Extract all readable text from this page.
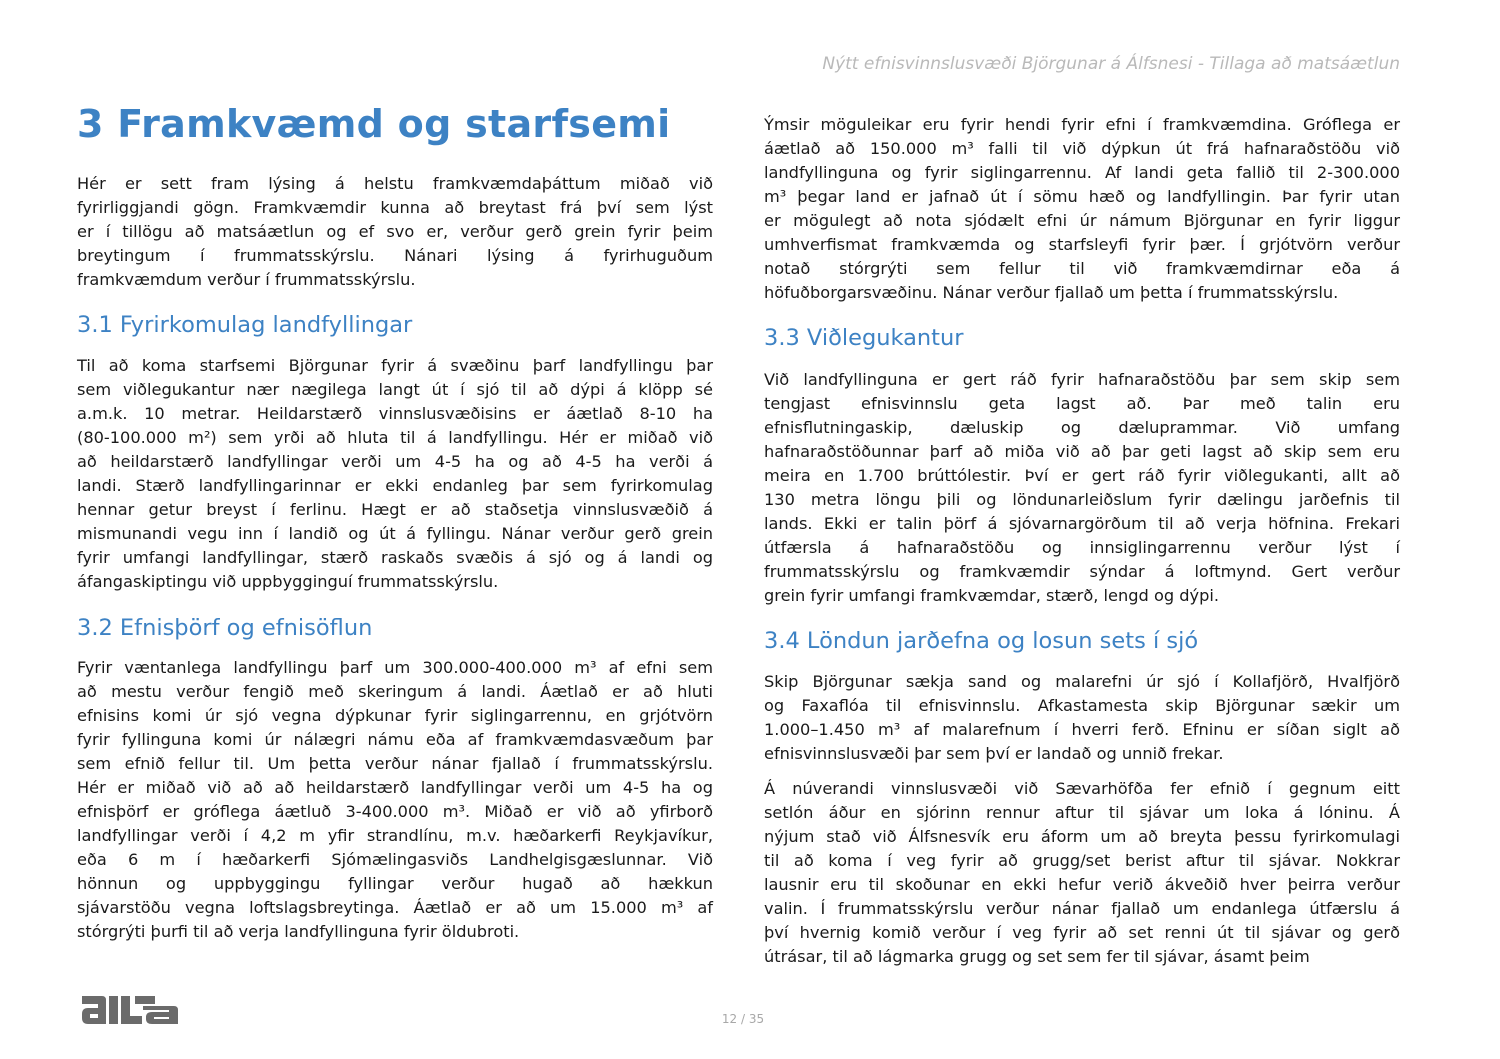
Nýtt efnisvinnslusvæði Björgunar á Álfsnesi - Tillaga að matsáætlun
3 Framkvæmd og starfsemi
Hér er sett fram lýsing á helstu framkvæmdaþáttum miðað við
fyrirliggjandi gögn. Framkvæmdir kunna að breytast frá því sem lýst
er í tillögu að matsáætlun og ef svo er, verður gerð grein fyrir þeim
breytingum í frummatsskýrslu. Nánari lýsing á fyrirhuguðum
framkvæmdum verður í frummatsskýrslu.
3.1 Fyrirkomulag landfyllingar
Til að koma starfsemi Björgunar fyrir á svæðinu þarf landfyllingu þar
sem viðlegukantur nær nægilega langt út í sjó til að dýpi á klöpp sé
a.m.k. 10 metrar. Heildarstærð vinnslusvæðisins er áætlað 8-10 ha
(80-100.000 m²) sem yrði að hluta til á landfyllingu. Hér er miðað við
að heildarstærð landfyllingar verði um 4-5 ha og að 4-5 ha verði á
landi. Stærð landfyllingarinnar er ekki endanleg þar sem fyrirkomulag
hennar getur breyst í ferlinu. Hægt er að staðsetja vinnslusvæðið á
mismunandi vegu inn í landið og út á fyllingu. Nánar verður gerð grein
fyrir umfangi landfyllingar, stærð raskaðs svæðis á sjó og á landi og
áfangaskiptingu við uppbygginguí frummatsskýrslu.
3.2 Efnisþörf og efnisöflun
Fyrir væntanlega landfyllingu þarf um 300.000-400.000 m³ af efni sem
að mestu verður fengið með skeringum á landi. Áætlað er að hluti
efnisins komi úr sjó vegna dýpkunar fyrir siglingarrennu, en grjótvörn
fyrir fyllinguna komi úr nálægri námu eða af framkvæmdasvæðum þar
sem efnið fellur til. Um þetta verður nánar fjallað í frummatsskýrslu.
Hér er miðað við að að heildarstærð landfyllingar verði um 4-5 ha og
efnisþörf er gróflega áætluð 3-400.000 m³. Miðað er við að yfirborð
landfyllingar verði í 4,2 m yfir strandlínu, m.v. hæðarkerfi Reykjavíkur,
eða 6 m í hæðarkerfi Sjómælingasviðs Landhelgisgæslunnar. Við
hönnun og uppbyggingu fyllingar verður hugað að hækkun
sjávarstöðu vegna loftslagsbreytinga. Áætlað er að um 15.000 m³ af
stórgrýti þurfi til að verja landfyllinguna fyrir öldubroti.
Ýmsir möguleikar eru fyrir hendi fyrir efni í framkvæmdina. Gróflega er
áætlað að 150.000 m³ falli til við dýpkun út frá hafnaraðstöðu við
landfyllinguna og fyrir siglingarrennu. Af landi geta fallið til 2-300.000
m³ þegar land er jafnað út í sömu hæð og landfyllingin. Þar fyrir utan
er mögulegt að nota sjódælt efni úr námum Björgunar en fyrir liggur
umhverfismat framkvæmda og starfsleyfi fyrir þær. Í grjótvörn verður
notað stórgrýti sem fellur til við framkvæmdirnar eða á
höfuðborgarsvæðinu. Nánar verður fjallað um þetta í frummatsskýrslu.
3.3 Viðlegukantur
Við landfyllinguna er gert ráð fyrir hafnaraðstöðu þar sem skip sem
tengjast efnisvinnslu geta lagst að. Þar með talin eru
efnisflutningaskip, dæluskip og dæluprammar. Við umfang
hafnaraðstöðunnar þarf að miða við að þar geti lagst að skip sem eru
meira en 1.700 brúttólestir. Því er gert ráð fyrir viðlegukanti, allt að
130 metra löngu þili og löndunarleiðslum fyrir dælingu jarðefnis til
lands. Ekki er talin þörf á sjóvarnargörðum til að verja höfnina. Frekari
útfærsla á hafnaraðstöðu og innsiglingarrennu verður lýst í
frummatsskýrslu og framkvæmdir sýndar á loftmynd. Gert verður
grein fyrir umfangi framkvæmdar, stærð, lengd og dýpi.
3.4 Löndun jarðefna og losun sets í sjó
Skip Björgunar sækja sand og malarefni úr sjó í Kollafjörð, Hvalfjörð
og Faxaflóa til efnisvinnslu. Afkastamesta skip Björgunar sækir um
1.000–1.450 m³ af malarefnum í hverri ferð. Efninu er síðan siglt að
efnisvinnslusvæði þar sem því er landað og unnið frekar.
Á núverandi vinnslusvæði við Sævarhöfða fer efnið í gegnum eitt
setlón áður en sjórinn rennur aftur til sjávar um loka á lóninu. Á
nýjum stað við Álfsnesvík eru áform um að breyta þessu fyrirkomulagi
til að koma í veg fyrir að grugg/set berist aftur til sjávar. Nokkrar
lausnir eru til skoðunar en ekki hefur verið ákveðið hver þeirra verður
valin. Í frummatsskýrslu verður nánar fjallað um endanlega útfærslu á
því hvernig komið verður í veg fyrir að set renni út til sjávar og gerð
útrásar, til að lágmarka grugg og set sem fer til sjávar, ásamt þeim
12 / 35
